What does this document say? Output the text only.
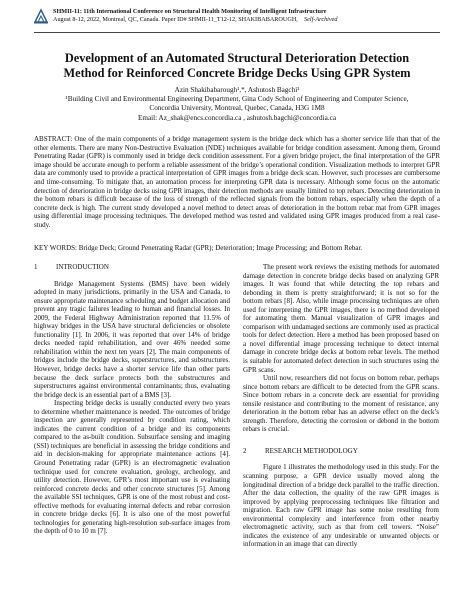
SHMII-11: 11th International Conference on Structural Health Monitoring of Intelligent Infrastructure
August 8-12, 2022, Montreal, QC, Canada. Paper ID# SHMII-11_T12-12, SHAKIBABAROUGH, Self-Archived
Development of an Automated Structural Deterioration Detection
Method for Reinforced Concrete Bridge Decks Using GPR System
Azin Shakibabarough¹,*, Ashutosh Bagchi¹
¹Building Civil and Environmental Engineering Department, Gina Cody School of Engineering and Computer Science,
Concordia University, Montreal, Quebec, Canada, H3G 1M8
Email: Az_shak@encs.concordia.ca , ashutosh.bagchi@concordia.ca

ABSTRACT: One of the main components of a bridge management system is the bridge deck which has a shorter service life than that of the other elements. There are many Non-Destructive Evaluation (NDE) techniques available for bridge condition assessment. Among them, Ground Penetrating Radar (GPR) is commonly used in bridge deck condition assessment. For a given bridge project, the final interpretation of the GPR image should be accurate enough to perform a reliable assessment of the bridge’s operational condition. Visualization methods to interpret GPR data are commonly used to provide a practical interpretation of GPR images from a bridge deck scan. However, such processes are cumbersome and time-consuming. To mitigate that, an automation process for interpreting GPR data is necessary. Although some focus on the automatic detection of deterioration in bridge decks using GPR images, their detection methods are usually limited to top rebars. Detecting deterioration in the bottom rebars is difficult because of the loss of strength of the reflected signals from the bottom rebars, especially when the depth of a concrete deck is high. The current study developed a novel method to detect areas of deterioration in the bottom rebar mat from GPR images using differential image processing techniques. The developed method was tested and validated using GPR images produced from a real case-study.

KEY WORDS: Bridge Deck; Ground Penetrating Radar (GPR); Deterioration; Image Processing; and Bottom Rebar.

1	INTRODUCTION

Bridge Management Systems (BMS) have been widely adopted in many jurisdictions, primarily in the USA and Canada, to ensure appropriate maintenance scheduling and budget allocation and prevent any tragic failures leading to human and financial losses. In 2009, the Federal Highway Administration reported that 11.5% of highway bridges in the USA have structural deficiencies or obsolete functionality [1]. In 2006, it was reported that over 14% of bridge decks needed rapid rehabilitation, and over 46% needed some rehabilitation within the next ten years [2]. The main components of bridges include the bridge decks, superstructures, and substructures. However, bridge decks have a shorter service life than other parts because the deck surface protects both the substructures and superstructures against environmental contaminants; thus, evaluating the bridge deck is an essential part of a BMS [3].

Inspecting bridge decks is usually conducted every two years to determine whether maintenance is needed. The outcomes of bridge inspection are generally represented by condition rating, which indicates the current condition of a bridge and its components compared to the as-built condition. Subsurface sensing and imaging (SSI) techniques are beneficial in assessing the bridge conditions and aid in decision-making for appropriate maintenance actions [4]. Ground Penetrating radar (GPR) is an electromagnetic evaluation technique used for concrete evaluation, geology, archeology, and utility detection. However, GPR’s most important use is evaluating reinforced concrete decks and other concrete structures [5]. Among the available SSI techniques, GPR is one of the most robust and cost-effective methods for evaluating internal defects and rebar corrosion in concrete bridge decks [6]. It is also one of the most powerful technologies for generating high-resolution sub-surface images from the depth of 0 to 10 m [7].

The present work reviews the existing methods for automated damage detection in concrete bridge decks based on analyzing GPR images. It was found that while detecting the top rebars and debonding in them is pretty straightforward; it is not so for the bottom rebars [8]. Also, while image processing techniques are often used for interpreting the GPR images, there is no method developed for automating them. Manual visualization of GPR images and comparison with undamaged sections are commonly used as practical tools for defect detection. Here a method has been proposed based on a novel differential image processing technique to detect internal damage in concrete bridge decks at bottom rebar levels. The method is suitable for automated defect detection in such structures using the GPR scans.

Until now, researchers did not focus on bottom rebar, perhaps since bottom rebars are difficult to be detected from the GPR scans. Since bottom rebars in a concrete deck are essential for providing tensile resistance and contributing to the moment of resistance, any deterioration in the bottom rebar has an adverse effect on the deck’s strength. Therefore, detecting the corrosion or debond in the bottom rebars is crucial.

2	RESEARCH METHODOLOGY

Figure 1 illustrates the methodology used in this study. For the scanning purpose, a GPR device usually moved along the longitudinal direction of a bridge deck parallel to the traffic direction. After the data collection, the quality of the raw GPR images is improved by applying preprocessing techniques like filtration and migration. Each raw GPR image has some noise resulting from environmental complexity and interference from other nearby electromagnetic activity, such as that from cell towers. “Noise” indicates the existence of any undesirable or unwanted objects or information in an image that can directly
